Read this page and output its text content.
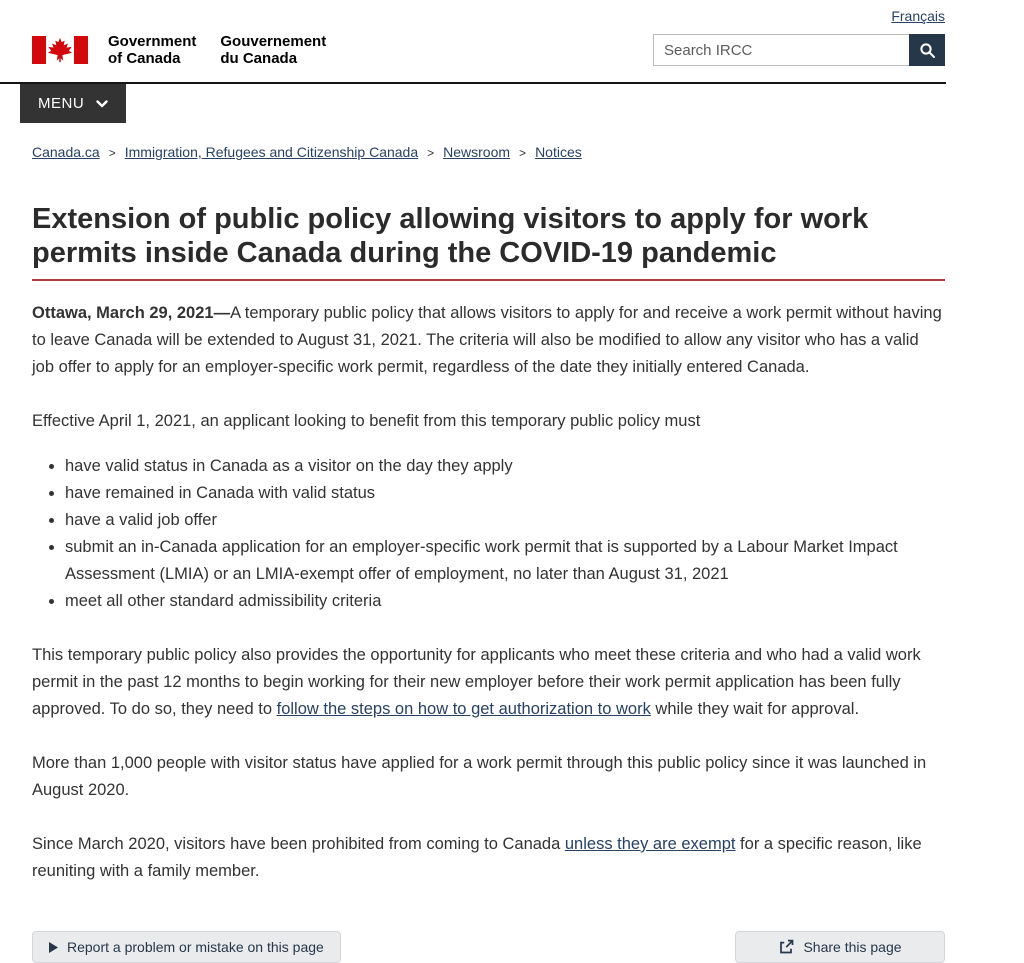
Français
Government
of Canada
Gouvernement
du Canada
Search IRCC
MENU
Canada.ca > Immigration, Refugees and Citizenship Canada > Newsroom > Notices
Extension of public policy allowing visitors to apply for work permits inside Canada during the COVID-19 pandemic

Ottawa, March 29, 2021—A temporary public policy that allows visitors to apply for and receive a work permit without having to leave Canada will be extended to August 31, 2021. The criteria will also be modified to allow any visitor who has a valid job offer to apply for an employer-specific work permit, regardless of the date they initially entered Canada.

Effective April 1, 2021, an applicant looking to benefit from this temporary public policy must

• have valid status in Canada as a visitor on the day they apply
• have remained in Canada with valid status
• have a valid job offer
• submit an in-Canada application for an employer-specific work permit that is supported by a Labour Market Impact Assessment (LMIA) or an LMIA-exempt offer of employment, no later than August 31, 2021
• meet all other standard admissibility criteria

This temporary public policy also provides the opportunity for applicants who meet these criteria and who had a valid work permit in the past 12 months to begin working for their new employer before their work permit application has been fully approved. To do so, they need to follow the steps on how to get authorization to work while they wait for approval.

More than 1,000 people with visitor status have applied for a work permit through this public policy since it was launched in August 2020.

Since March 2020, visitors have been prohibited from coming to Canada unless they are exempt for a specific reason, like reuniting with a family member.

Report a problem or mistake on this page	Share this page
